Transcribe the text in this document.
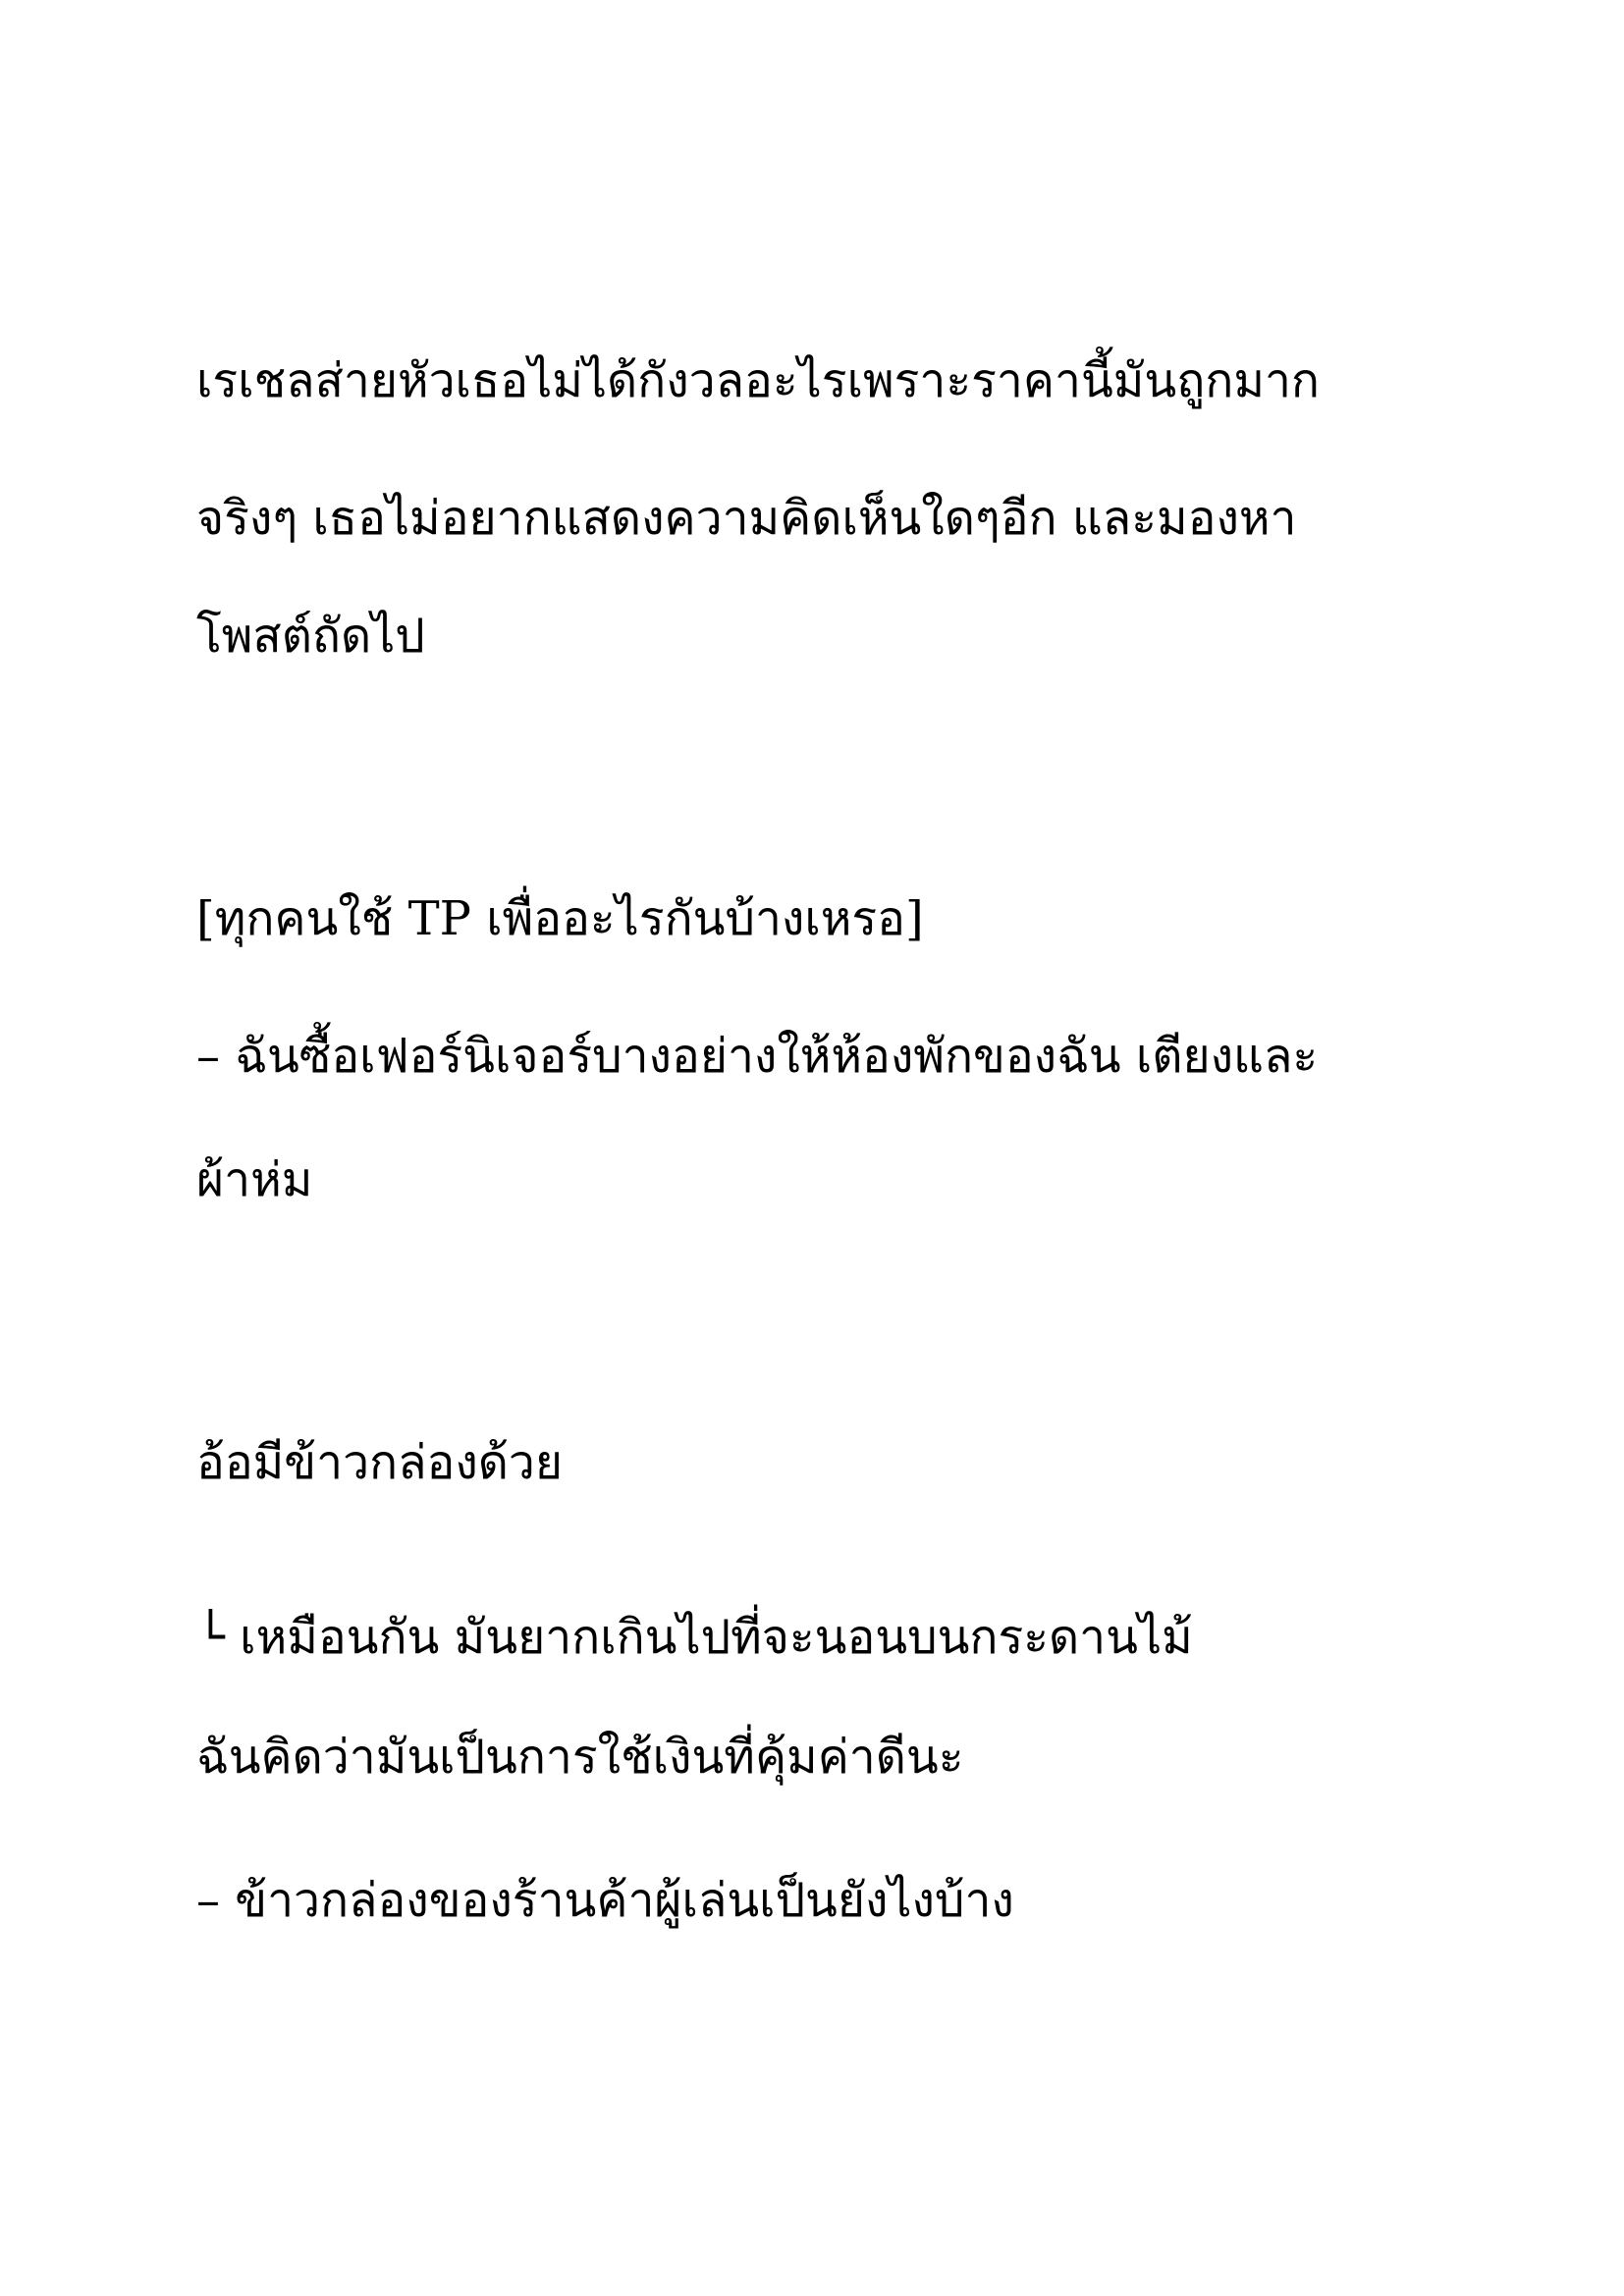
เรเชลส่ายหัวเธอไม่ได้กังวลอะไรเพราะราคานี้มันถูกมาก

จริงๆ เธอไม่อยากแสดงความคิดเห็นใดๆอีก และมองหา

โพสต์ถัดไป

[ทุกคนใช้ TP เพื่ออะไรกันบ้างเหรอ]

– ฉันซื้อเฟอร์นิเจอร์บางอย่างให้ห้องพักของฉัน เตียงและ

ผ้าห่ม

อ้อมีข้าวกล่องด้วย

└ เหมือนกัน มันยากเกินไปที่จะนอนบนกระดานไม้

ฉันคิดว่ามันเป็นการใช้เงินที่คุ้มค่าดีนะ

– ข้าวกล่องของร้านค้าผู้เล่นเป็นยังไงบ้าง
